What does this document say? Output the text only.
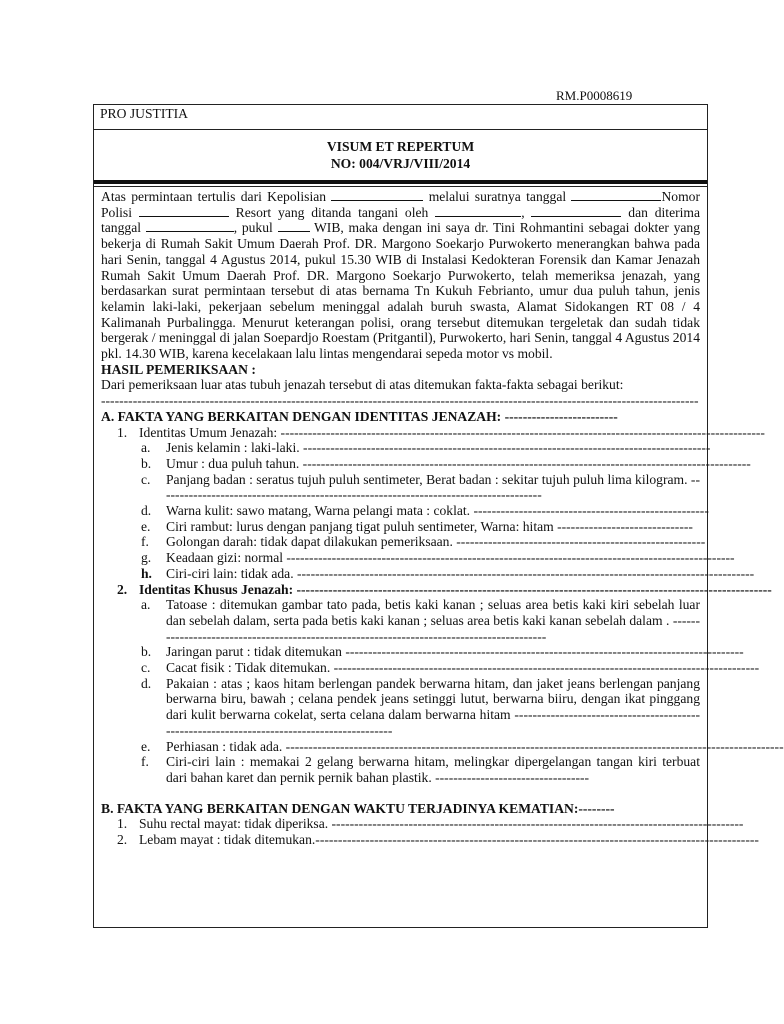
RM.P0008619
PRO JUSTITIA
VISUM ET REPERTUM
NO: 004/VRJ/VIII/2014
Atas permintaan tertulis dari Kepolisian	melalui suratnya tanggal	Nomor Polisi	Resort yang ditanda tangani oleh	,	dan diterima tanggal	, pukul	WIB, maka dengan ini saya dr. Tini Rohmantini sebagai dokter yang bekerja di Rumah Sakit Umum Daerah Prof. DR. Margono Soekarjo Purwokerto menerangkan bahwa pada hari Senin, tanggal 4 Agustus 2014, pukul 15.30 WIB di Instalasi Kedokteran Forensik dan Kamar Jenazah Rumah Sakit Umum Daerah Prof. DR. Margono Soekarjo Purwokerto, telah memeriksa jenazah, yang berdasarkan surat permintaan tersebut di atas bernama Tn Kukuh Febrianto, umur dua puluh tahun, jenis kelamin laki-laki, pekerjaan sebelum meninggal adalah buruh swasta, Alamat Sidokangen RT 08 / 4 Kalimanah Purbalingga. Menurut keterangan polisi, orang tersebut ditemukan tergeletak dan sudah tidak bergerak / meninggal di jalan Soepardjo Roestam (Pritgantil), Purwokerto, hari Senin, tanggal 4 Agustus 2014 pkl. 14.30 WIB, karena kecelakaan lalu lintas mengendarai sepeda motor vs mobil.
HASIL PEMERIKSAAN :
Dari pemeriksaan luar atas tubuh jenazah tersebut di atas ditemukan fakta-fakta sebagai berikut:
------------------------------------------------------------------------------------------------------------------------------------
A. FAKTA YANG BERKAITAN DENGAN IDENTITAS JENAZAH: -------------------------
1. Identitas Umum Jenazah: -----------------------------------------------------------------------------------------------------------
a.	Jenis kelamin : laki-laki. ------------------------------------------------------------------------------------------
b.	Umur : dua puluh tahun. ---------------------------------------------------------------------------------------------------
c.	Panjang badan : seratus tujuh puluh sentimeter, Berat badan : sekitar tujuh puluh lima kilogram. -------------------------------------------------------------------------------------
d.	Warna kulit: sawo matang, Warna pelangi mata : coklat. ----------------------------------------------------
e.	Ciri rambut: lurus dengan panjang tigat puluh sentimeter, Warna: hitam ------------------------------
f.	Golongan darah: tidak dapat dilakukan pemeriksaan. -------------------------------------------------------
g.	Keadaan gizi: normal ---------------------------------------------------------------------------------------------------
h.	Ciri-ciri lain: tidak ada. -----------------------------------------------------------------------------------------------------
2. Identitas Khusus Jenazah: ---------------------------------------------------------------------------------------------------------
a.	Tatoase : ditemukan gambar tato pada, betis kaki kanan ; seluas area betis kaki kiri sebelah luar dan sebelah dalam, serta pada betis kaki kanan ; seluas area betis kaki kanan sebelah dalam . ------------------------------------------------------------------------------------------
b.	Jaringan parut : tidak ditemukan ----------------------------------------------------------------------------------------
c.	Cacat fisik : Tidak ditemukan. ----------------------------------------------------------------------------------------------
d.	Pakaian : atas ; kaos hitam berlengan pandek berwarna hitam, dan jaket jeans berlengan panjang berwarna biru, bawah ; celana pendek jeans setinggi lutut, berwarna biiru, dengan ikat pinggang dari kulit berwarna cokelat, serta celana dalam berwarna hitam -------------------------------------------------------------------------------------------
e.	Perhiasan : tidak ada. --------------------------------------------------------------------------------------------------------------
f.	Ciri-ciri lain : memakai 2 gelang berwarna hitam, melingkar dipergelangan tangan kiri terbuat dari bahan karet dan pernik pernik bahan plastik. ----------------------------------
B. FAKTA YANG BERKAITAN DENGAN WAKTU TERJADINYA KEMATIAN:--------
1. Suhu rectal mayat: tidak diperiksa. -------------------------------------------------------------------------------------------
2. Lebam mayat : tidak ditemukan.--------------------------------------------------------------------------------------------------
